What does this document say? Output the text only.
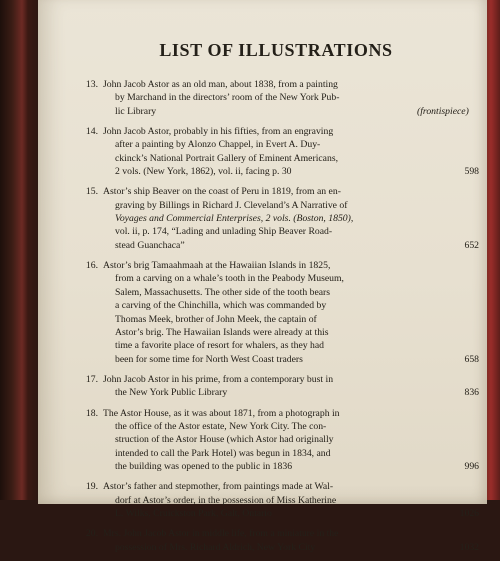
LIST OF ILLUSTRATIONS
13. John Jacob Astor as an old man, about 1838, from a painting
by Marchand in the directors’ room of the New York Pub-
lic Library	(frontispiece)
14. John Jacob Astor, probably in his fifties, from an engraving
after a painting by Alonzo Chappel, in Evert A. Duy-
ckinck’s National Portrait Gallery of Eminent Americans,
2 vols. (New York, 1862), vol. ii, facing p. 30	598
15. Astor’s ship Beaver on the coast of Peru in 1819, from an en-
graving by Billings in Richard J. Cleveland’s A Narrative of
Voyages and Commercial Enterprises, 2 vols. (Boston, 1850),
vol. ii, p. 174, “Lading and unlading Ship Beaver Road-
stead Guanchaca”	652
16. Astor’s brig Tamaahmaah at the Hawaiian Islands in 1825,
from a carving on a whale’s tooth in the Peabody Museum,
Salem, Massachusetts. The other side of the tooth bears
a carving of the Chinchilla, which was commanded by
Thomas Meek, brother of John Meek, the captain of
Astor’s brig. The Hawaiian Islands were already at this
time a favorite place of resort for whalers, as they had
been for some time for North West Coast traders	658
17. John Jacob Astor in his prime, from a contemporary bust in
the New York Public Library	836
18. The Astor House, as it was about 1871, from a photograph in
the office of the Astor estate, New York City. The con-
struction of the Astor House (which Astor had originally
intended to call the Park Hotel) was begun in 1834, and
the building was opened to the public in 1836	996
19. Astor’s father and stepmother, from paintings made at Wal-
dorf at Astor’s order, in the possession of Miss Katherine
L. Wilks, Cruickston Park, Galt, Ontario	1026
20. Mrs. John Jacob Astor in middle life, from a miniature in the
possession of Mrs. Richard Aldrich, New York City	1032
